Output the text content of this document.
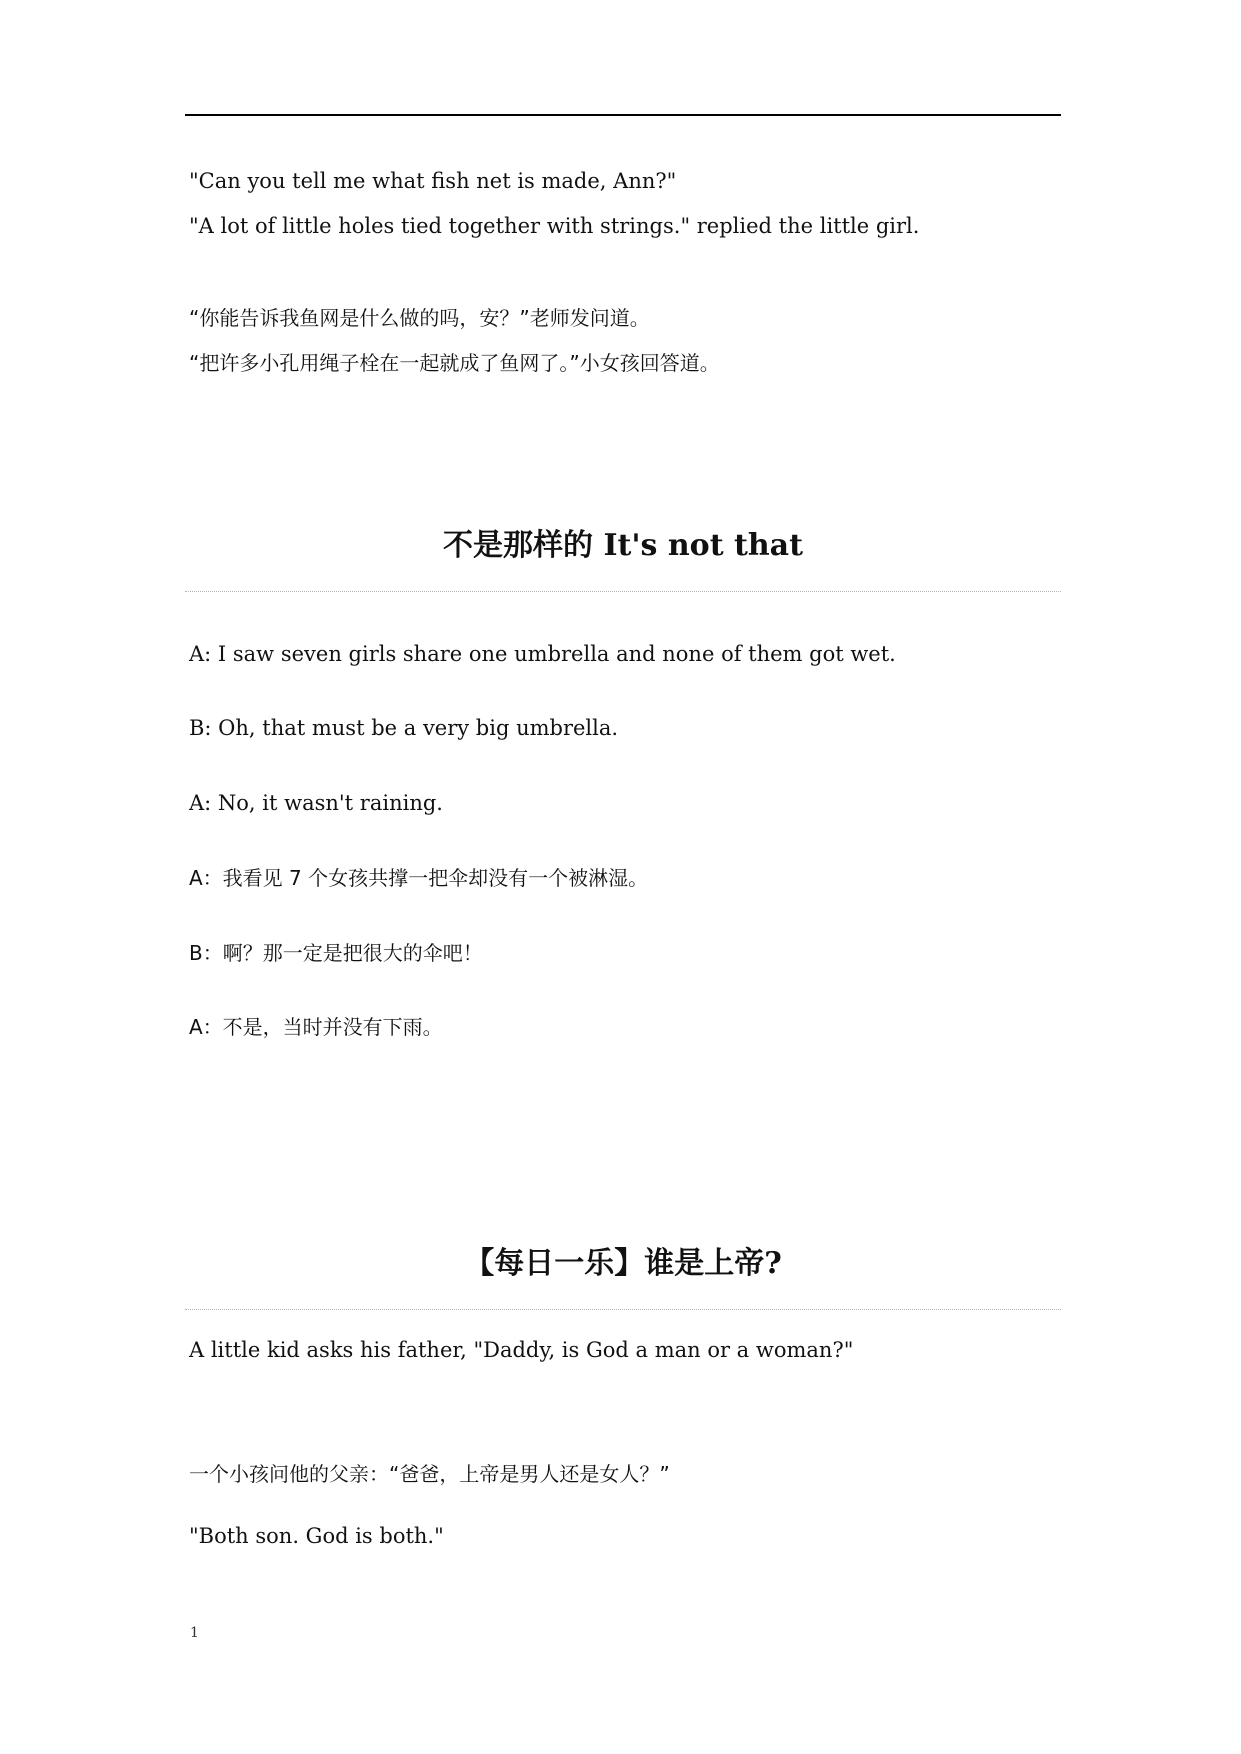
"Can you tell me what fish net is made, Ann?"
"A lot of little holes tied together with strings." replied the little girl.
“你能告诉我鱼网是什么做的吗，安？”老师发问道。
“把许多小孔用绳子栓在一起就成了鱼网了。”小女孩回答道。
不是那样的 It's not that
A: I saw seven girls share one umbrella and none of them got wet.
B: Oh, that must be a very big umbrella.
A: No, it wasn't raining.
A：我看见 7 个女孩共撑一把伞却没有一个被淋湿。
B：啊？那一定是把很大的伞吧！
A：不是，当时并没有下雨。
【每日一乐】谁是上帝?
A little kid asks his father, "Daddy, is God a man or a woman?"
一个小孩问他的父亲：“爸爸，上帝是男人还是女人？”
"Both son. God is both."
1
